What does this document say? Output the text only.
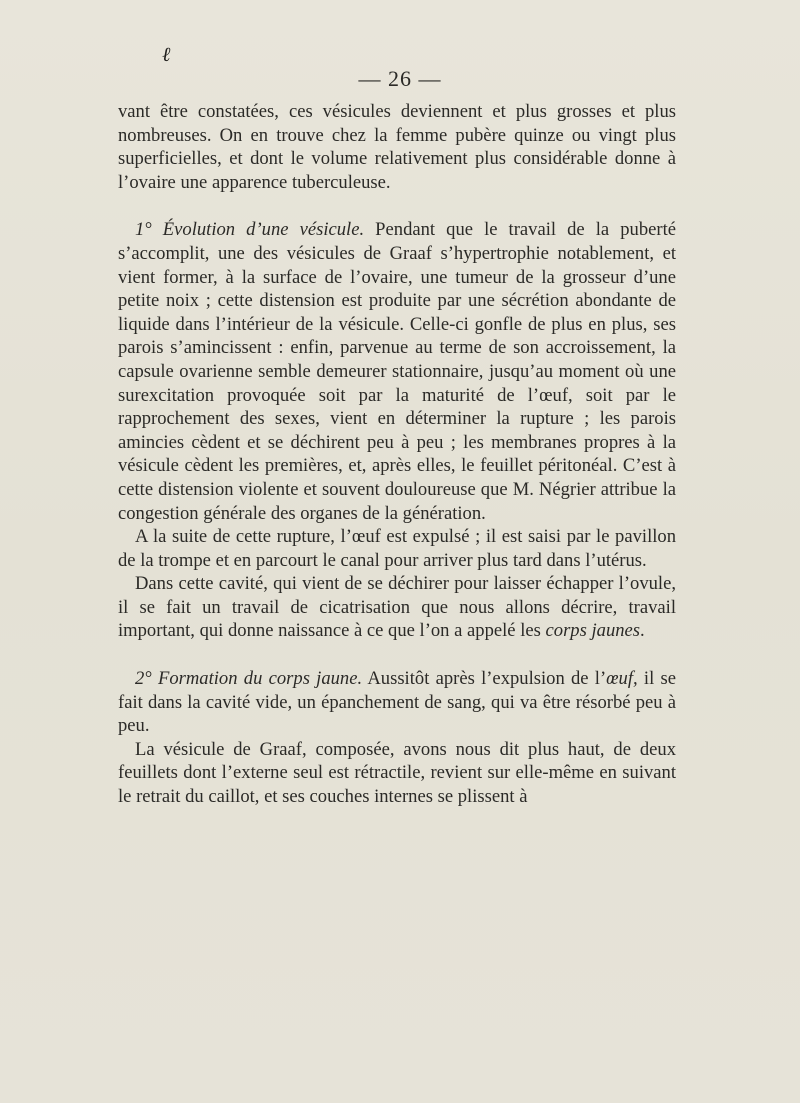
ℓ
— 26 —

vant être constatées, ces vésicules deviennent et plus grosses et plus nombreuses. On en trouve chez la femme pubère quinze ou vingt plus superficielles, et dont le volume relativement plus considérable donne à l’ovaire une apparence tuberculeuse.

1° Évolution d’une vésicule. Pendant que le travail de la puberté s’accomplit, une des vésicules de Graaf s’hypertrophie notablement, et vient former, à la surface de l’ovaire, une tumeur de la grosseur d’une petite noix ; cette distension est produite par une sécrétion abondante de liquide dans l’intérieur de la vésicule. Celle-ci gonfle de plus en plus, ses parois s’amincissent : enfin, parvenue au terme de son accroissement, la capsule ovarienne semble demeurer stationnaire, jusqu’au moment où une surexcitation provoquée soit par la maturité de l’œuf, soit par le rapprochement des sexes, vient en déterminer la rupture ; les parois amincies cèdent et se déchirent peu à peu ; les membranes propres à la vésicule cèdent les premières, et, après elles, le feuillet péritonéal. C’est à cette distension violente et souvent douloureuse que M. Négrier attribue la congestion générale des organes de la génération.

A la suite de cette rupture, l’œuf est expulsé ; il est saisi par le pavillon de la trompe et en parcourt le canal pour arriver plus tard dans l’utérus.

Dans cette cavité, qui vient de se déchirer pour laisser échapper l’ovule, il se fait un travail de cicatrisation que nous allons décrire, travail important, qui donne naissance à ce que l’on a appelé les corps jaunes.

2° Formation du corps jaune. Aussitôt après l’expulsion de l’œuf, il se fait dans la cavité vide, un épanchement de sang, qui va être résorbé peu à peu.

La vésicule de Graaf, composée, avons nous dit plus haut, de deux feuillets dont l’externe seul est rétractile, revient sur elle-même en suivant le retrait du caillot, et ses couches internes se plissent à
